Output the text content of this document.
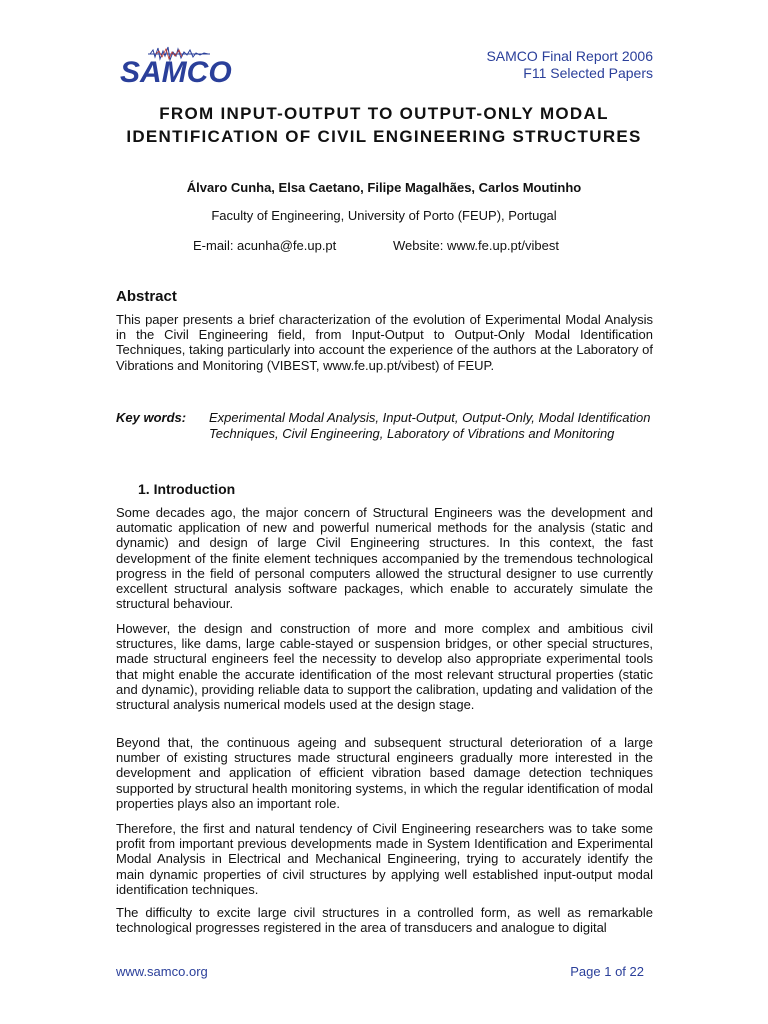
SAMCO	SAMCO Final Report 2006
F11 Selected Papers
FROM INPUT-OUTPUT TO OUTPUT-ONLY MODAL
IDENTIFICATION OF CIVIL ENGINEERING STRUCTURES
Álvaro Cunha, Elsa Caetano, Filipe Magalhães, Carlos Moutinho
Faculty of Engineering, University of Porto (FEUP), Portugal
E-mail: acunha@fe.up.pt	Website: www.fe.up.pt/vibest
Abstract

This paper presents a brief characterization of the evolution of Experimental Modal Analysis in the Civil Engineering field, from Input-Output to Output-Only Modal Identification Techniques, taking particularly into account the experience of the authors at the Laboratory of Vibrations and Monitoring (VIBEST, www.fe.up.pt/vibest) of FEUP.

Key words: Experimental Modal Analysis, Input-Output, Output-Only, Modal Identification Techniques, Civil Engineering, Laboratory of Vibrations and Monitoring
1. Introduction

Some decades ago, the major concern of Structural Engineers was the development and automatic application of new and powerful numerical methods for the analysis (static and dynamic) and design of large Civil Engineering structures. In this context, the fast development of the finite element techniques accompanied by the tremendous technological progress in the field of personal computers allowed the structural designer to use currently excellent structural analysis software packages, which enable to accurately simulate the structural behaviour.

However, the design and construction of more and more complex and ambitious civil structures, like dams, large cable-stayed or suspension bridges, or other special structures, made structural engineers feel the necessity to develop also appropriate experimental tools that might enable the accurate identification of the most relevant structural properties (static and dynamic), providing reliable data to support the calibration, updating and validation of the structural analysis numerical models used at the design stage.

Beyond that, the continuous ageing and subsequent structural deterioration of a large number of existing structures made structural engineers gradually more interested in the development and application of efficient vibration based damage detection techniques supported by structural health monitoring systems, in which the regular identification of modal properties plays also an important role.

Therefore, the first and natural tendency of Civil Engineering researchers was to take some profit from important previous developments made in System Identification and Experimental Modal Analysis in Electrical and Mechanical Engineering, trying to accurately identify the main dynamic properties of civil structures by applying well established input-output modal identification techniques.

The difficulty to excite large civil structures in a controlled form, as well as remarkable technological progresses registered in the area of transducers and analogue to digital

www.samco.org	Page 1 of 22
